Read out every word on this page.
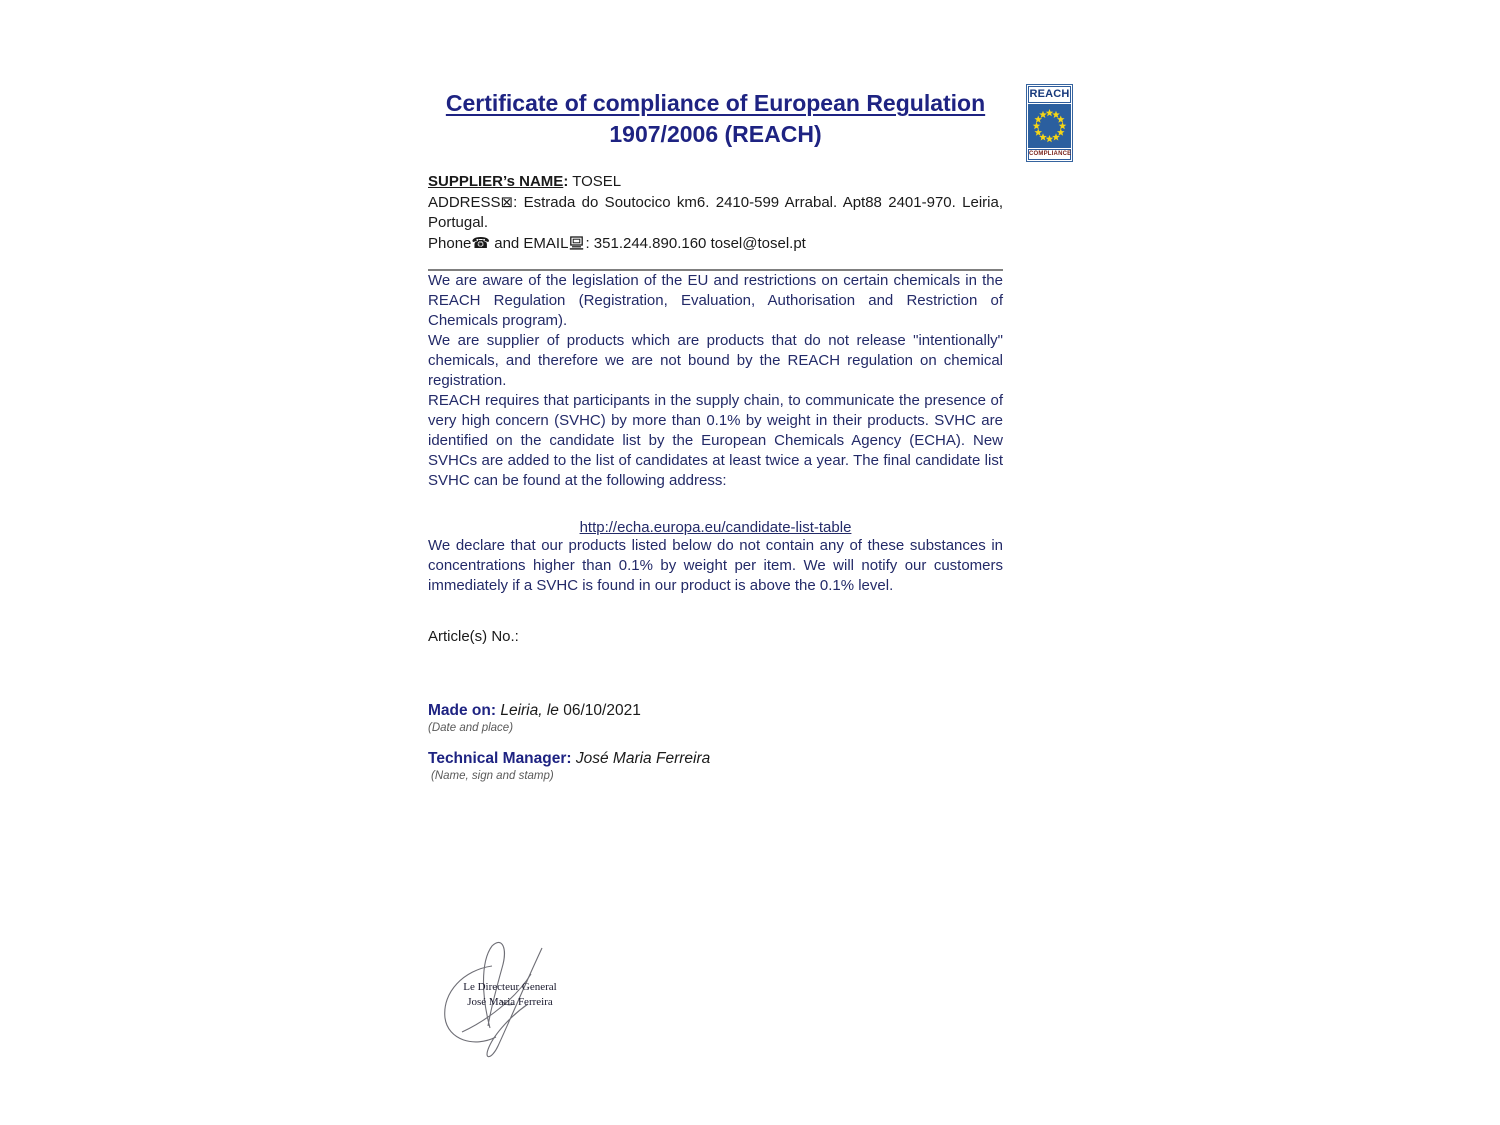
Certificate of compliance of European Regulation
1907/2006 (REACH)
SUPPLIER’s NAME: TOSEL
ADDRESS⊠: Estrada do Soutocico km6. 2410-599 Arrabal. Apt88 2401-970. Leiria, Portugal.
Phone☎ and EMAIL : 351.244.890.160 tosel@tosel.pt

We are aware of the legislation of the EU and restrictions on certain chemicals in the REACH Regulation (Registration, Evaluation, Authorisation and Restriction of Chemicals program).

We are supplier of products which are products that do not release "intentionally" chemicals, and therefore we are not bound by the REACH regulation on chemical registration.

REACH requires that participants in the supply chain, to communicate the presence of very high concern (SVHC) by more than 0.1% by weight in their products. SVHC are identified on the candidate list by the European Chemicals Agency (ECHA). New SVHCs are added to the list of candidates at least twice a year. The final candidate list SVHC can be found at the following address:

http://echa.europa.eu/candidate-list-table

We declare that our products listed below do not contain any of these substances in concentrations higher than 0.1% by weight per item. We will notify our customers immediately if a SVHC is found in our product is above the 0.1% level.

Article(s) No.:

Made on: Leiria, le 06/10/2021
(Date and place)
Technical Manager: José Maria Ferreira
(Name, sign and stamp)
REACH
COMPLIANCE
Le Directeur General
José Maria Ferreira
